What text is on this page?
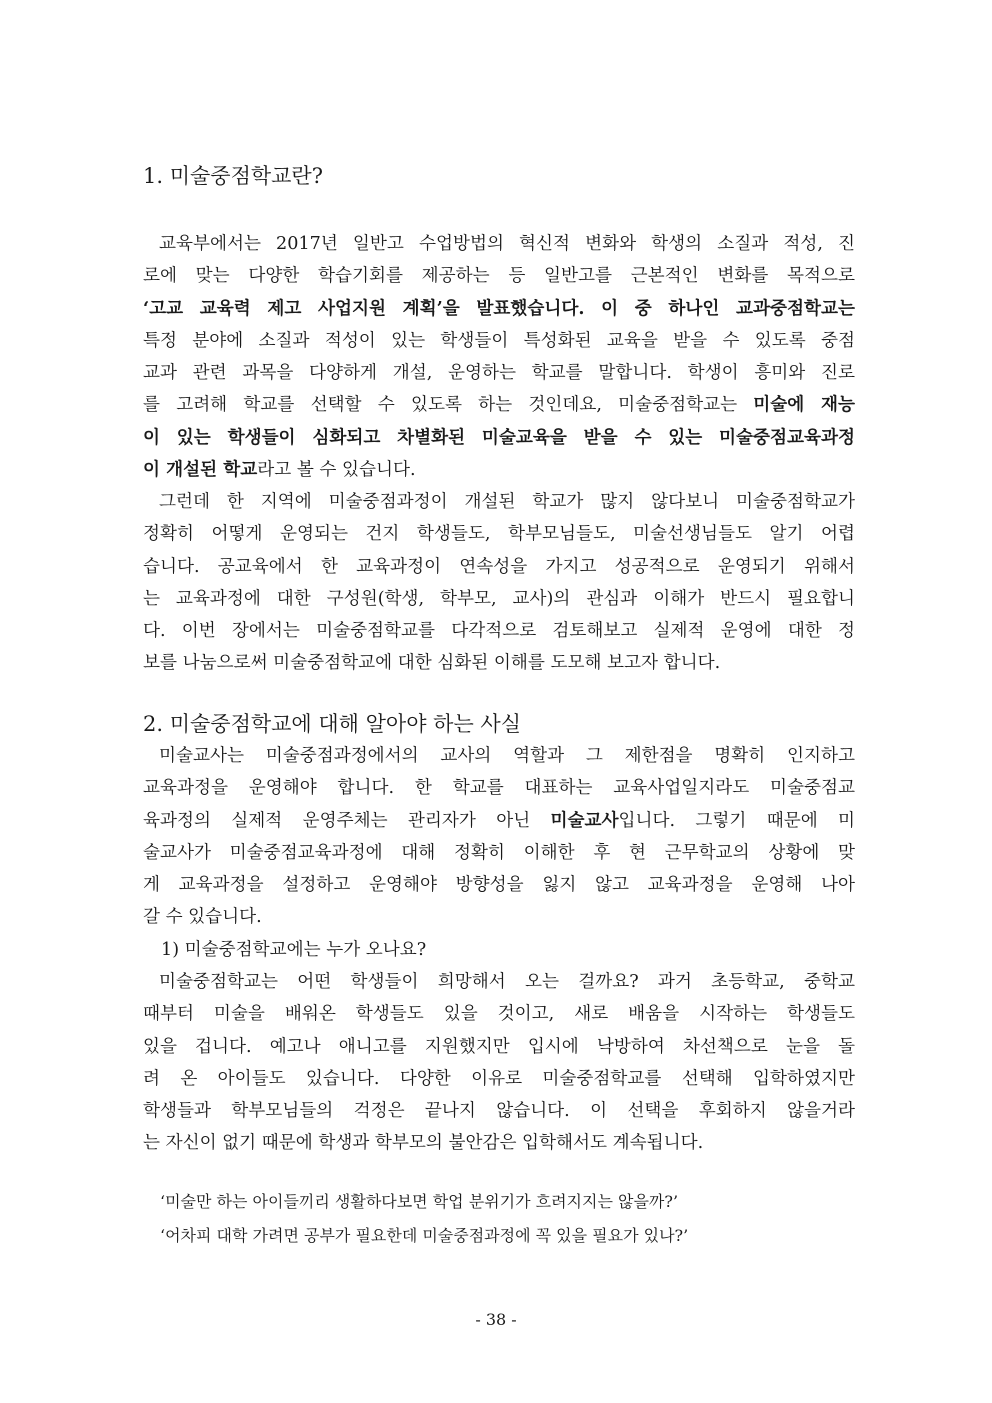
1. 미술중점학교란?
교육부에서는 2017년 일반고 수업방법의 혁신적 변화와 학생의 소질과 적성, 진
로에 맞는 다양한 학습기회를 제공하는 등 일반고를 근본적인 변화를 목적으로
‘고교 교육력 제고 사업지원 계획’을 발표했습니다. 이 중 하나인 교과중점학교는
특정 분야에 소질과 적성이 있는 학생들이 특성화된 교육을 받을 수 있도록 중점
교과 관련 과목을 다양하게 개설, 운영하는 학교를 말합니다. 학생이 흥미와 진로
를 고려해 학교를 선택할 수 있도록 하는 것인데요, 미술중점학교는 미술에 재능
이 있는 학생들이 심화되고 차별화된 미술교육을 받을 수 있는 미술중점교육과정
이 개설된 학교라고 볼 수 있습니다.
그런데 한 지역에 미술중점과정이 개설된 학교가 많지 않다보니 미술중점학교가
정확히 어떻게 운영되는 건지 학생들도, 학부모님들도, 미술선생님들도 알기 어렵
습니다. 공교육에서 한 교육과정이 연속성을 가지고 성공적으로 운영되기 위해서
는 교육과정에 대한 구성원(학생, 학부모, 교사)의 관심과 이해가 반드시 필요합니
다. 이번 장에서는 미술중점학교를 다각적으로 검토해보고 실제적 운영에 대한 정
보를 나눔으로써 미술중점학교에 대한 심화된 이해를 도모해 보고자 합니다.
2. 미술중점학교에 대해 알아야 하는 사실
미술교사는 미술중점과정에서의 교사의 역할과 그 제한점을 명확히 인지하고
교육과정을 운영해야 합니다. 한 학교를 대표하는 교육사업일지라도 미술중점교
육과정의 실제적 운영주체는 관리자가 아닌 미술교사입니다. 그렇기 때문에 미
술교사가 미술중점교육과정에 대해 정확히 이해한 후 현 근무학교의 상황에 맞
게 교육과정을 설정하고 운영해야 방향성을 잃지 않고 교육과정을 운영해 나아
갈 수 있습니다.
1) 미술중점학교에는 누가 오나요?
미술중점학교는 어떤 학생들이 희망해서 오는 걸까요? 과거 초등학교, 중학교
때부터 미술을 배워온 학생들도 있을 것이고, 새로 배움을 시작하는 학생들도
있을 겁니다. 예고나 애니고를 지원했지만 입시에 낙방하여 차선책으로 눈을 돌
려 온 아이들도 있습니다. 다양한 이유로 미술중점학교를 선택해 입학하였지만
학생들과 학부모님들의 걱정은 끝나지 않습니다. 이 선택을 후회하지 않을거라
는 자신이 없기 때문에 학생과 학부모의 불안감은 입학해서도 계속됩니다.
‘미술만 하는 아이들끼리 생활하다보면 학업 분위기가 흐려지지는 않을까?’
‘어차피 대학 가려면 공부가 필요한데 미술중점과정에 꼭 있을 필요가 있나?’
- 38 -
